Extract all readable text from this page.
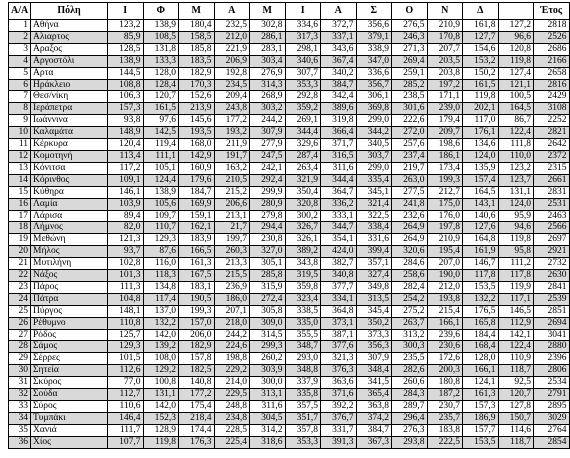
Α/Α	Πόλη	Ι	Φ	Μ	Α	Μ	Ι	Α	Σ	Ο	Ν	Δ		Έτος
1	Αθήνα	123,2	138,9	180,4	232,5	302,8	334,6	372,7	356,6	276,5	210,9	161,8	127,2	2818
2	Αλιαρτος	85,9	108,5	158,5	212,0	286,1	317,3	337,1	379,1	246,3	170,8	127,7	96,6	2526
3	Αραξος	128,5	131,8	185,8	221,9	283,1	298,1	343,6	338,9	271,3	207,7	154,6	120,8	2686
4	Αργοστόλι	138,9	133,3	183,5	206,9	303,4	340,6	367,4	347,0	269,4	203,5	153,2	119,8	2166
5	Αρτα	144,5	128,0	182,9	192,8	276,9	307,7	340,2	336,6	259,1	203,8	150,2	127,4	2658
6	Ηράκλειο	108,8	128,4	170,3	234,5	314,3	353,3	384,7	356,7	285,2	197,2	161,5	121,1	2816
7	Θεσ/νίκη	106,3	120,7	152,6	209,4	268,9	292,8	342,4	306,1	238,5	171,1	119,8	100,5	2429
8	Ιεράπετρα	157,3	161,5	213,9	243,8	303,2	359,2	389,6	369,8	301,6	239,0	202,1	164,5	3108
9	Ιωάννινα	93,8	97,6	145,6	177,2	244,2	269,1	319,8	299,0	222,6	179,4	117,0	86,7	2252
10	Καλαμάτα	148,9	142,5	193,5	193,2	307,9	344,4	366,4	344,2	272,0	209,7	176,1	122,4	2821
11	Κέρκυρα	120,4	119,4	168,0	211,9	277,9	329,6	371,7	340,5	257,6	198,6	134,6	111,8	2642
12	Κομοτηνή	113,4	111,1	142,9	191,7	247,5	287,4	316,5	303,7	237,4	186,1	124,0	110,0	2372
13	Κόνιτσα	117,2	105,1	160,9	163,2	242,1	263,4	311,6	299,0	219,7	173,4	135,9	123,2	2315
14	Κόρινθος	109,1	124,4	179,6	210,5	292,4	321,9	344,4	335,4	263,0	199,3	157,4	123,7	2661
15	Κύθηρα	146,1	138,9	184,7	215,2	299,9	350,4	364,7	345,1	277,5	212,7	164,5	131,1	2831
16	Λαμία	103,9	105,6	169,9	206,6	280,9	320,8	336,2	321,4	241,8	175,0	143,1	124,0	2531
17	Λάρισα	89,4	109,7	159,1	213,1	279,8	300,2	333,1	322,5	232,6	176,0	140,6	95,9	2463
18	Λήμνος	82,0	110,7	162,1	21,7	294,4	326,7	344,7	338,4	264,9	197,8	127,6	94,6	2566
19	Μεθώνη	121,3	129,3	183,9	199,7	230,8	326,1	354,1	331,6	264,9	210,9	164,8	119,8	2697
20	Μήλος	93,7	87,6	166,5	260,3	327,0	389,2	424,0	399,4	320,6	195,4	161,9	95,8	2921
21	Μυτιλήνη	102,8	116,0	161,3	213,3	305,1	343,8	382,7	357,1	284,6	207,0	146,7	111,2	2732
22	Νάξος	101,3	118,3	167,5	215,5	285,8	319,5	340,8	327,4	258,6	190,0	117,8	117,8	2630
23	Πάρος	111,3	134,8	183,1	236,9	315,9	359,8	377,7	349,8	282,4	212,0	153,5	119,9	2841
24	Πάτρα	104,8	117,4	190,5	186,0	272,4	323,4	334,1	313,5	254,2	193,8	132,2	117,1	2539
25	Πύργος	148,1	137,0	199,3	207,1	305,8	338,5	364,8	345,4	275,2	215,4	176,5	146,5	2851
26	Ρέθυμνο	110,8	132,2	157,0	218,0	309,0	335,0	373,1	350,2	263,7	166,1	165,8	112,9	2694
27	Ρόδος	125,7	142,0	206,0	244,2	314,5	355,5	387,1	373,3	313,2	239,6	184,4	142,1	3041
28	Σάμος	129,3	139,2	182,9	224,6	299,3	348,7	377,6	356,3	300,3	230,6	168,4	122,4	2880
29	Σέρρες	101,5	108,0	157,8	198,8	260,2	293,0	321,3	307,9	235,5	172,6	128,0	110,9	2396
30	Σητεία	112,6	129,2	182,5	229,2	303,9	348,8	376,3	348,4	282,6	200,3	166,1	118,7	2806
31	Σκύρος	77,0	100,8	140,8	214,0	300,0	337,9	363,6	341,5	260,6	180,8	124,1	92,5	2534
32	Σούδα	112,7	131,1	177,2	229,5	313,1	335,8	371,6	365,4	284,3	187,2	161,3	120,7	2791
33	Σύρος	110,6	142,0	175,4	248,8	311,6	357,5	392,2	363,8	289,7	230,7	157,3	127,8	2895
34	Τυμπάκι	146,4	152,3	218,4	234,8	304,5	351,7	376,7	374,2	296,4	235,7	186,9	150,7	3029
35	Χανιά	111,7	128,9	174,4	228,5	314,2	357,8	331,7	384,7	276,3	183,8	157,7	114,6	2764
36	Χίος	107,7	119,8	176,3	225,4	318,6	353,3	391,3	367,3	293,8	222,5	153,5	118,7	2854
